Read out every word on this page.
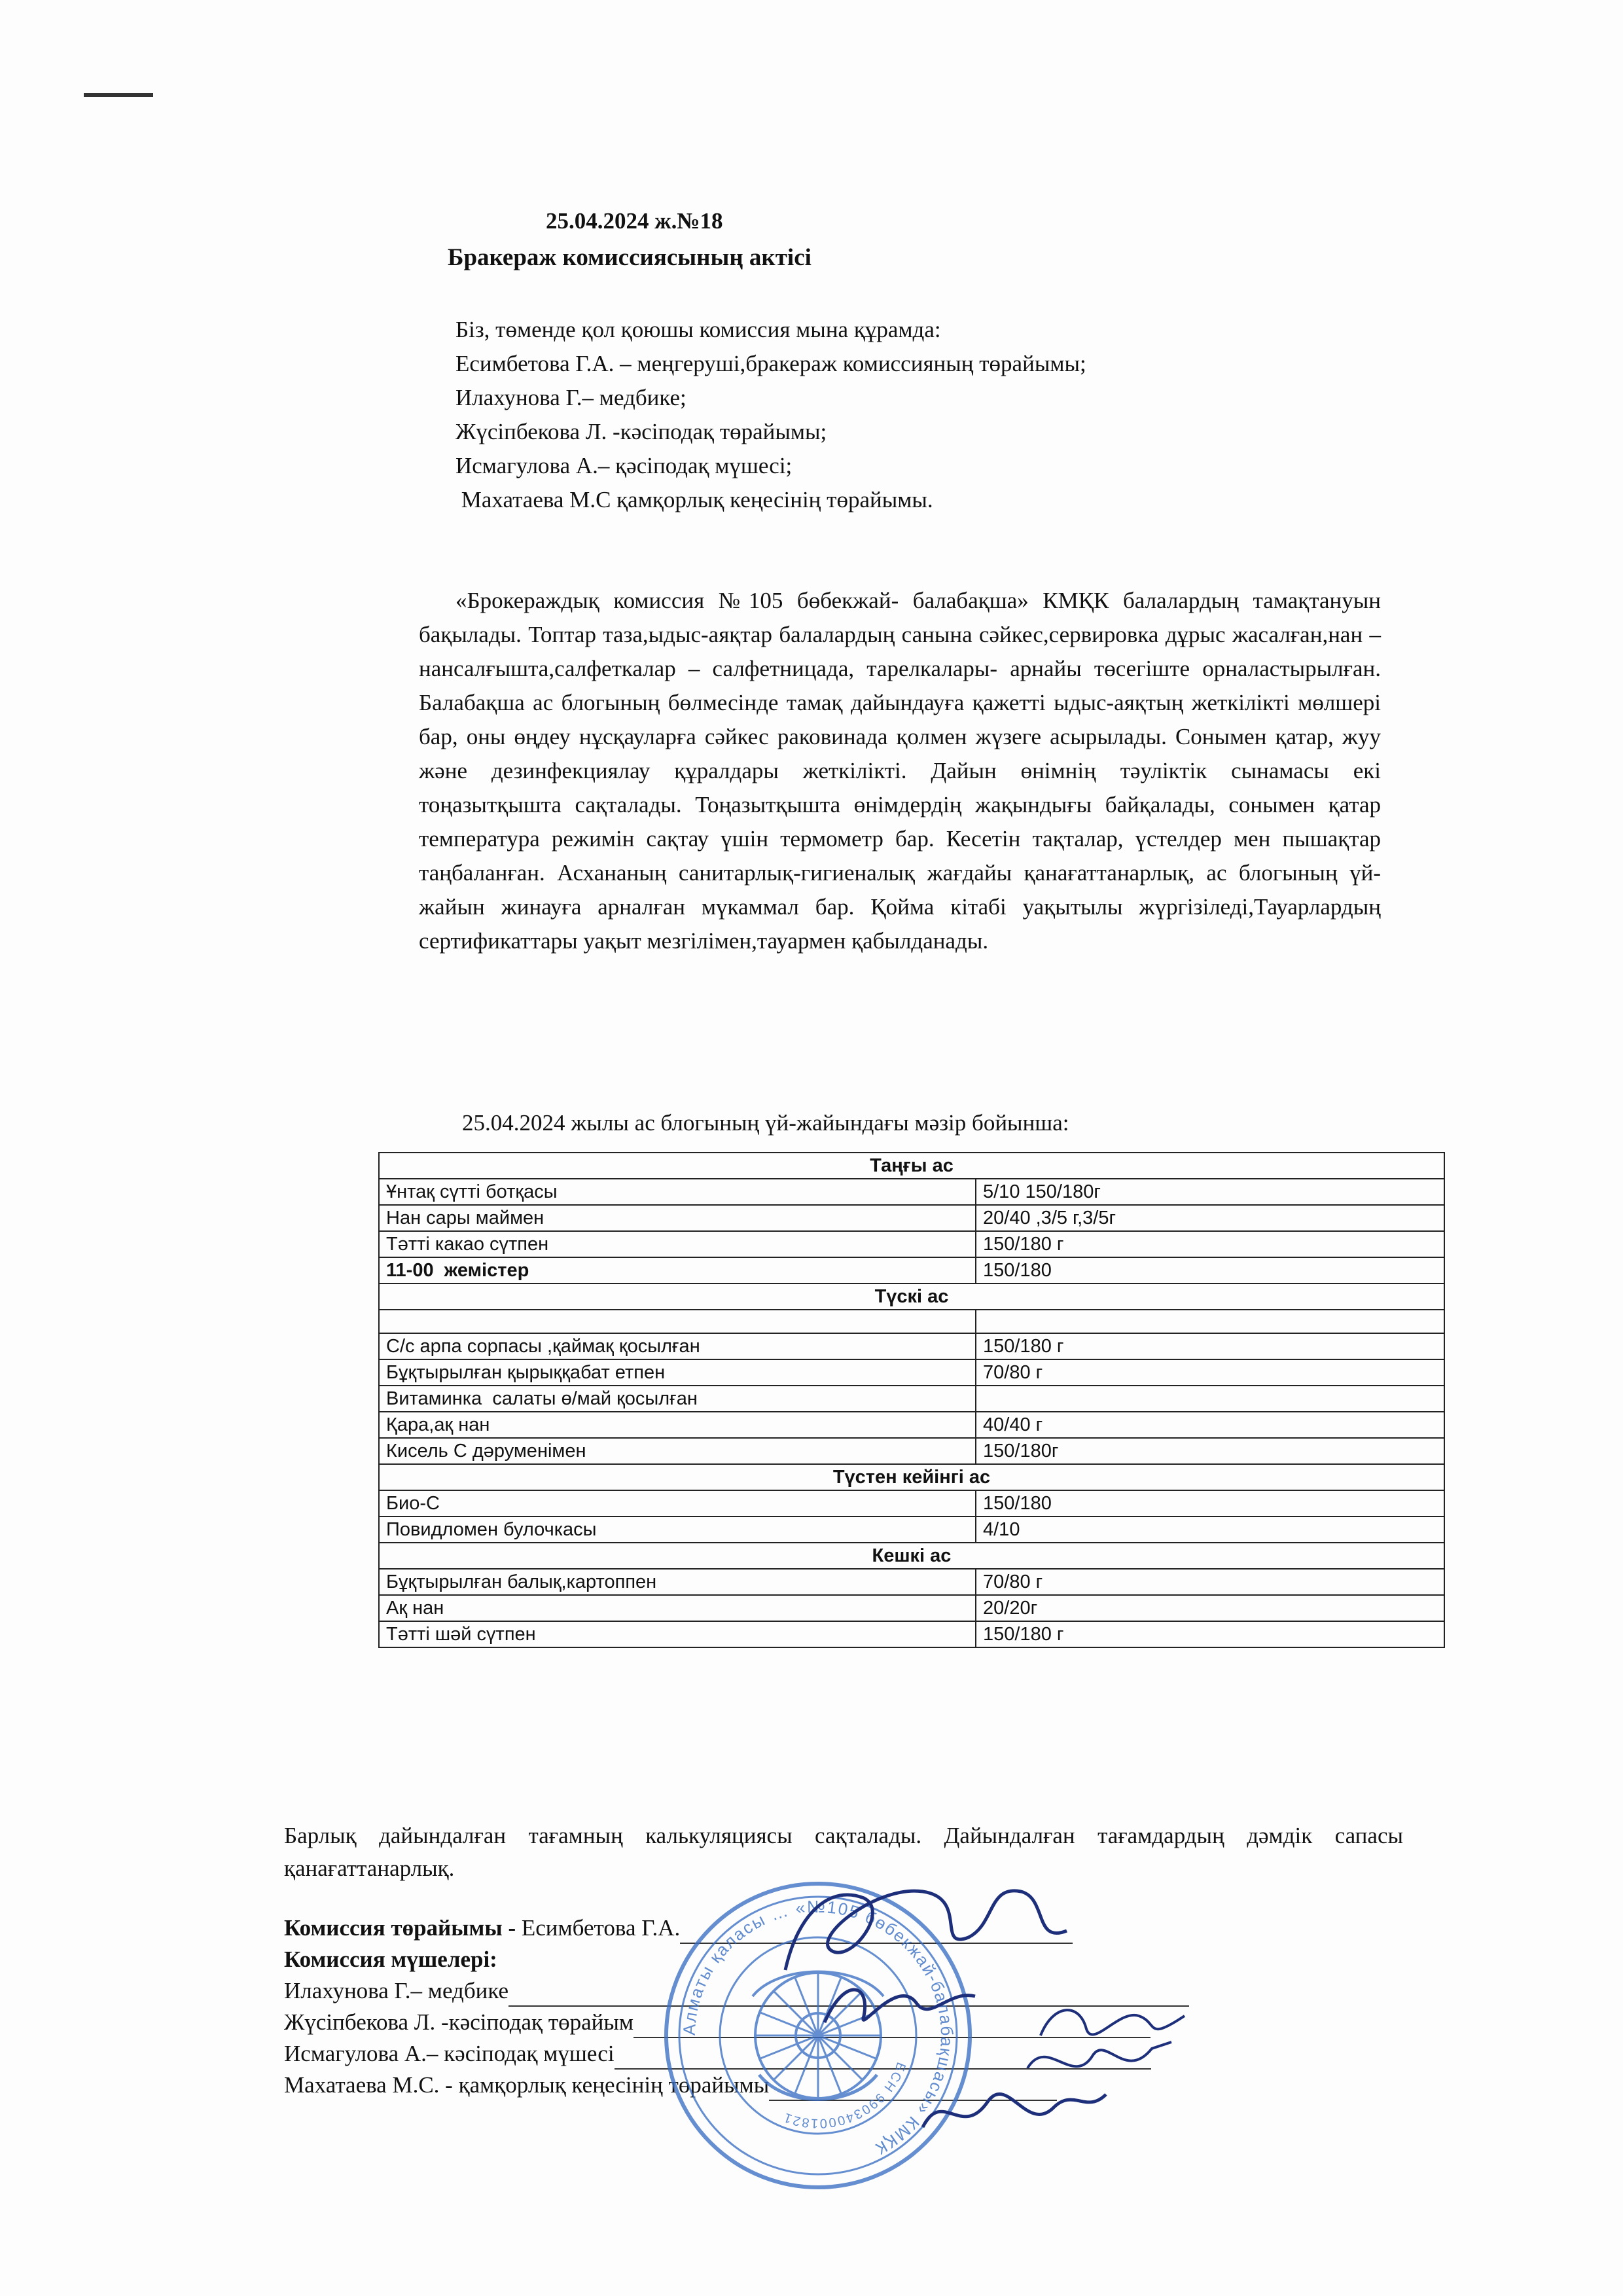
25.04.2024 ж.№18
Бракераж комиссиясының актісі
Біз, төменде қол қоюшы комиссия мына құрамда:
Есимбетова Г.А. – меңгеруші,бракераж комиссияның төрайымы;
Илахунова Г.– медбике;
Жүсіпбекова Л. -кәсіподақ төрайымы;
Исмагулова А.– қәсіподақ мүшесі;
Махатаева М.С қамқорлық кеңесінің төрайымы.
«Брокераждық комиссия №105 бөбекжай- балабақша» КМҚК балалардың тамақтануын бақылады. Топтар таза,ыдыс-аяқтар балалардың санына сәйкес,сервировка дұрыс жасалған,нан –нансалғышта,салфеткалар – салфетницада, тарелкалары- арнайы төсегіште орналастырылған. Балабақша ас блогының бөлмесінде тамақ дайындауға қажетті ыдыс-аяқтың жеткілікті мөлшері бар, оны өңдеу нұсқауларға сәйкес раковинада қолмен жүзеге асырылады. Сонымен қатар, жуу және дезинфекциялау құралдары жеткілікті. Дайын өнімнің тәуліктік сынамасы екі тоңазытқышта сақталады. Тоңазытқышта өнімдердің жақындығы байқалады, сонымен қатар температура режимін сақтау үшін термометр бар. Кесетін тақталар, үстелдер мен пышақтар таңбаланған. Асхананың санитарлық-гигиеналық жағдайы қанағаттанарлық, ас блогының үй-жайын жинауға арналған мүкаммал бар. Қойма кітабі уақытылы жүргізіледі,Тауарлардың сертификаттары уақыт мезгілімен,тауармен қабылданады.
25.04.2024 жылы ас блогының үй-жайындағы мәзір бойынша:
Таңғы ас	
Ұнтақ сүтті ботқасы	5/10 150/180г
Нан сары маймен	20/40 ,3/5 г,3/5г
Тәтті какао сүтпен	150/180 г
11-00  жемістер	150/180
Түскі ас	

С/с арпа сорпасы ,қаймақ қосылған	150/180 г
Бұқтырылған қырыққабат етпен	70/80 г
Витаминка  салаты ө/май қосылған	
Қара,ақ нан	40/40 г
Кисель С дәруменімен	150/180г
Түстен кейінгі ас	
Био-С	150/180
Повидломен булочкасы	4/10
Кешкі ас	
Бұқтырылған балық,картоппен	70/80 г
Ақ нан	20/20г
Тәтті шәй сүтпен	150/180 г
Барлық дайындалған тағамның калькуляциясы сақталады. Дайындалған тағамдардың дәмдік сапасы қанағаттанарлық.
Комиссия төрайымы - Есимбетова Г.А.
Комиссия мүшелері:
Илахунова Г.– медбике
Жүсіпбекова Л. -кәсіподақ төрайым
Исмагулова А.– кәсіподақ мүшесі
Махатаева М.С. - қамқорлық кеңесінің төрайымы
Алматы қаласы … «№105 бөбекжай-балабақшасы» КМҚК
БСН 990340001821
